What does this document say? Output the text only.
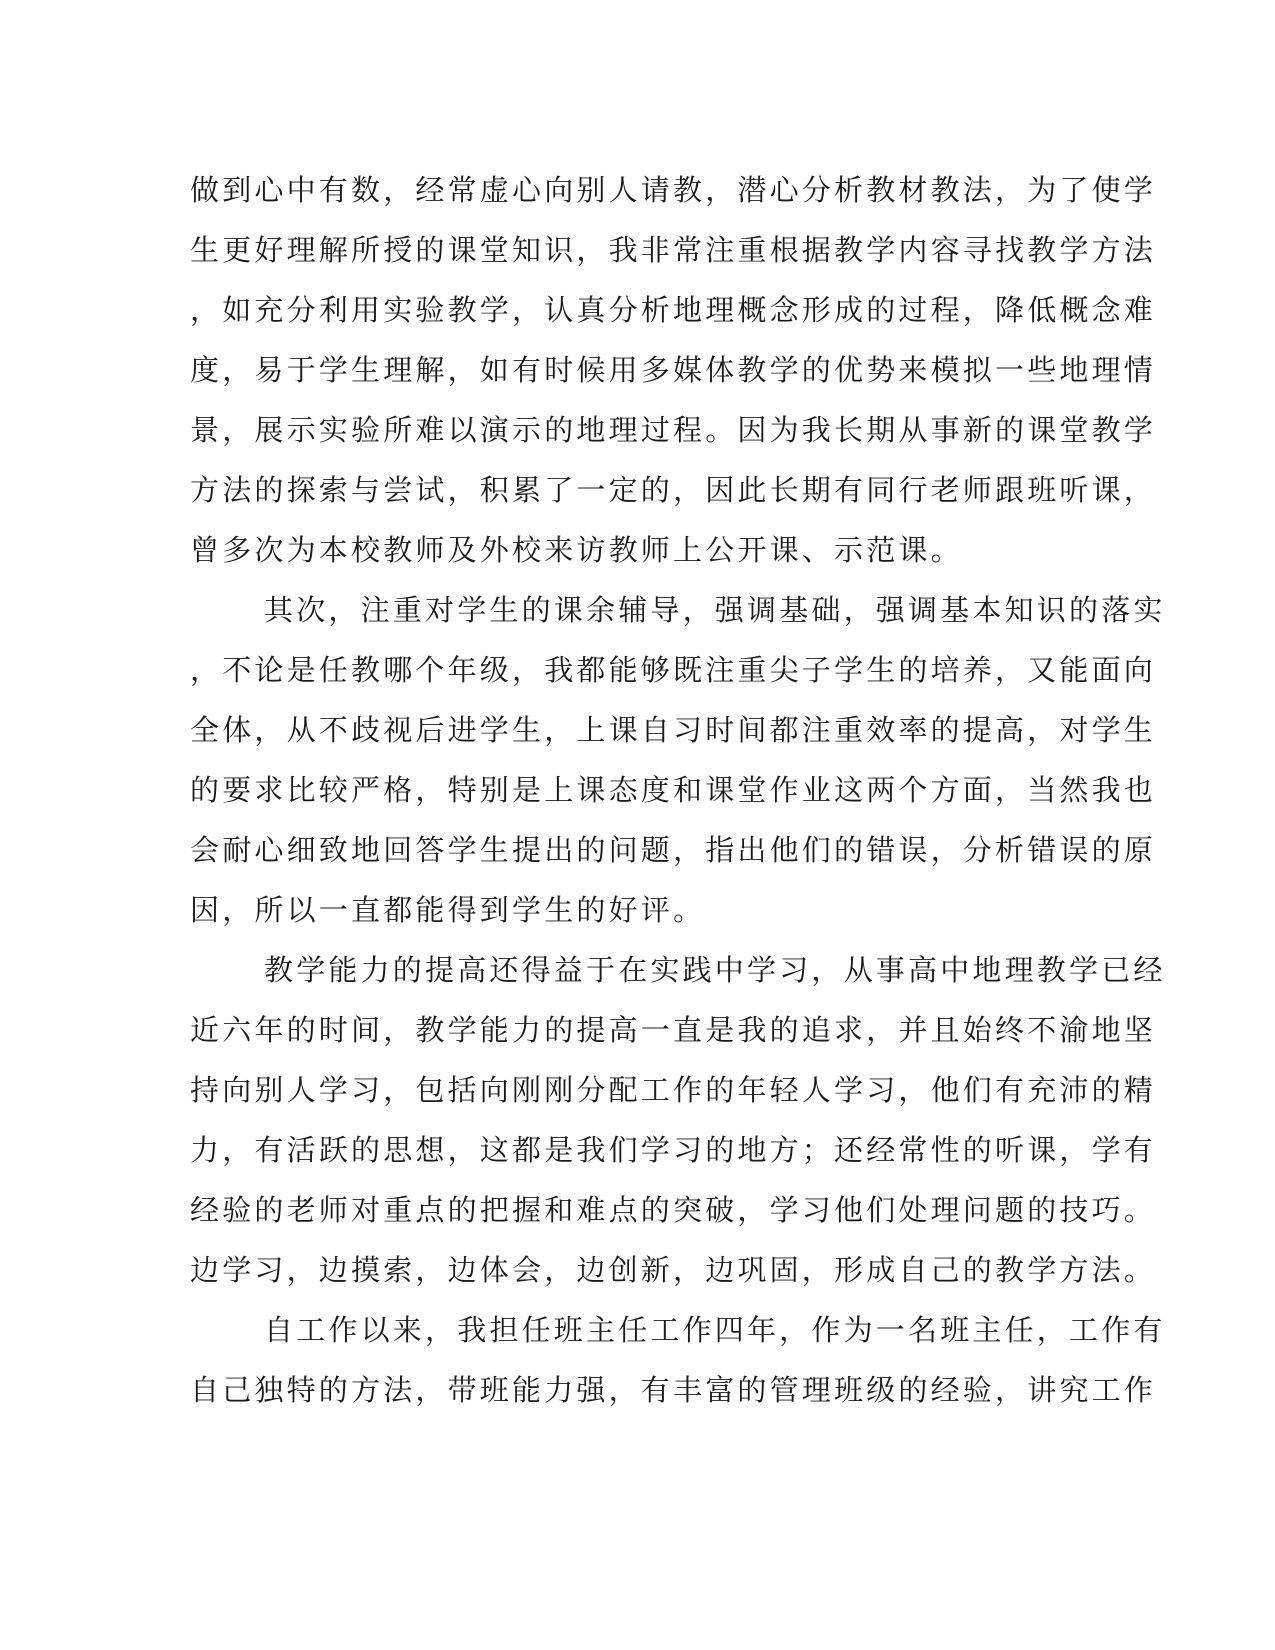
做到心中有数，经常虚心向别人请教，潜心分析教材教法，为了使学

生更好理解所授的课堂知识，我非常注重根据教学内容寻找教学方法

，如充分利用实验教学，认真分析地理概念形成的过程，降低概念难

度，易于学生理解，如有时候用多媒体教学的优势来模拟一些地理情

景，展示实验所难以演示的地理过程。因为我长期从事新的课堂教学

方法的探索与尝试，积累了一定的，因此长期有同行老师跟班听课，

曾多次为本校教师及外校来访教师上公开课、示范课。

其次，注重对学生的课余辅导，强调基础，强调基本知识的落实

，不论是任教哪个年级，我都能够既注重尖子学生的培养，又能面向

全体，从不歧视后进学生，上课自习时间都注重效率的提高，对学生

的要求比较严格，特别是上课态度和课堂作业这两个方面，当然我也

会耐心细致地回答学生提出的问题，指出他们的错误，分析错误的原

因，所以一直都能得到学生的好评。

教学能力的提高还得益于在实践中学习，从事高中地理教学已经

近六年的时间，教学能力的提高一直是我的追求，并且始终不渝地坚

持向别人学习，包括向刚刚分配工作的年轻人学习，他们有充沛的精

力，有活跃的思想，这都是我们学习的地方；还经常性的听课，学有

经验的老师对重点的把握和难点的突破，学习他们处理问题的技巧。

边学习，边摸索，边体会，边创新，边巩固，形成自己的教学方法。

自工作以来，我担任班主任工作四年，作为一名班主任，工作有

自己独特的方法，带班能力强，有丰富的管理班级的经验，讲究工作
